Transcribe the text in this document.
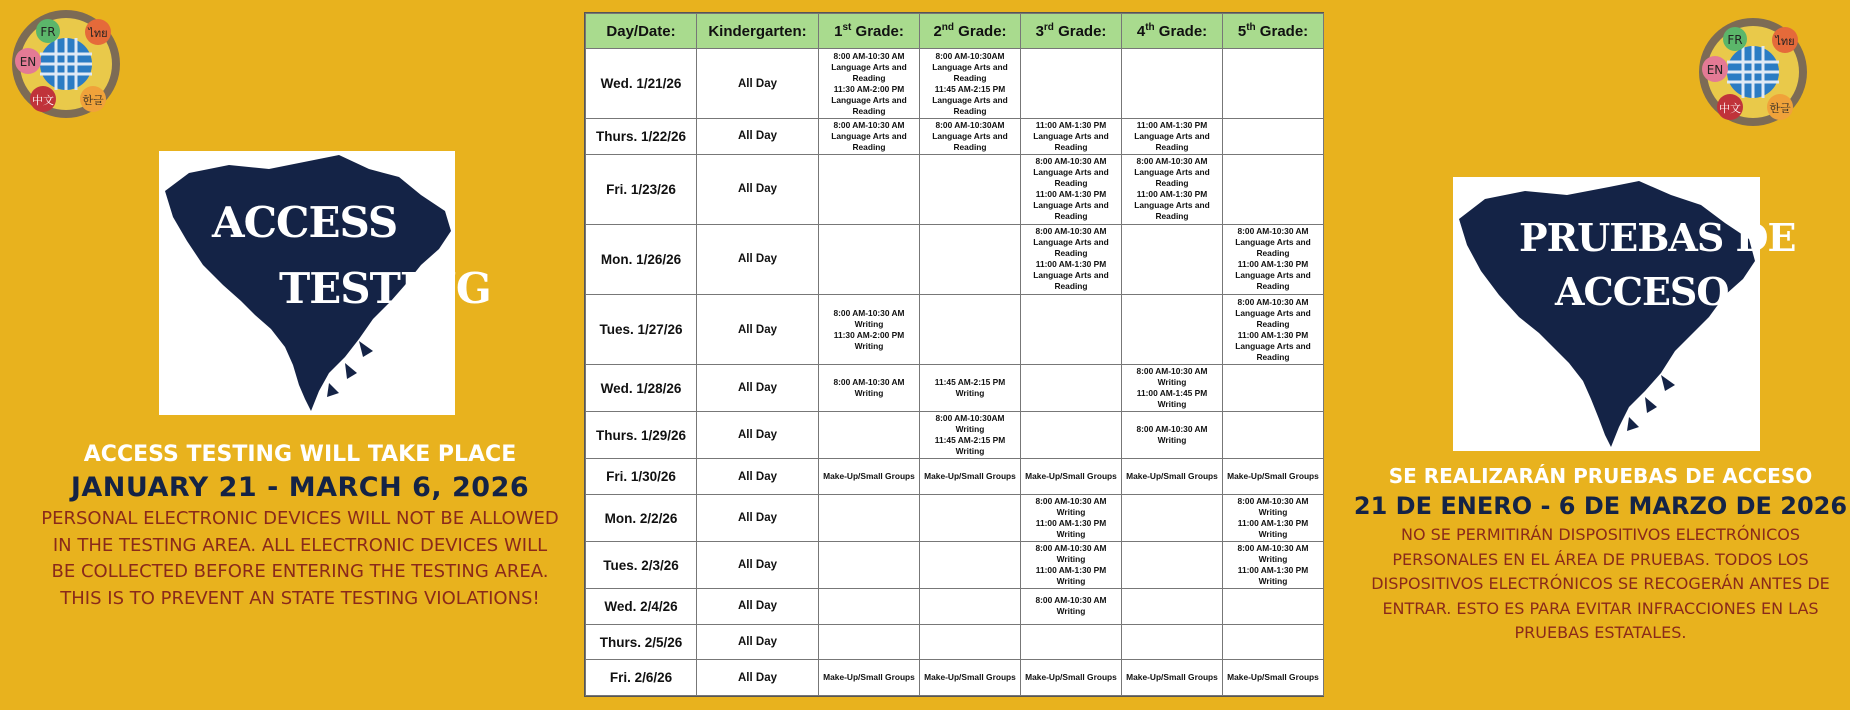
FR	ไทย
EN
中文	한글
FR	ไทย
EN
中文	한글
ACCESS
TESTING
PRUEBAS DE
ACCESO
ACCESS TESTING WILL TAKE PLACE
JANUARY 21 - MARCH 6, 2026
PERSONAL ELECTRONIC DEVICES WILL NOT BE ALLOWED IN THE TESTING AREA. ALL ELECTRONIC DEVICES WILL BE COLLECTED BEFORE ENTERING THE TESTING AREA. THIS IS TO PREVENT AN STATE TESTING VIOLATIONS!
SE REALIZARÁN PRUEBAS DE ACCESO
21 DE ENERO - 6 DE MARZO DE 2026
NO SE PERMITIRÁN DISPOSITIVOS ELECTRÓNICOS PERSONALES EN EL ÁREA DE PRUEBAS. TODOS LOS DISPOSITIVOS ELECTRÓNICOS SE RECOGERÁN ANTES DE ENTRAR. ESTO ES PARA EVITAR INFRACCIONES EN LAS PRUEBAS ESTATALES.
Day/Date:	Kindergarten:	1st Grade:	2nd Grade:	3rd Grade:	4th Grade:	5th Grade:
Wed. 1/21/26	All Day	8:00 AM-10:30 AM
Language Arts and Reading
11:30 AM-2:00 PM
Language Arts and Reading	8:00 AM-10:30AM
Language Arts and Reading
11:45 AM-2:15 PM
Language Arts and Reading			

Thurs. 1/22/26	All Day	8:00 AM-10:30 AM
Language Arts and Reading	8:00 AM-10:30AM
Language Arts and Reading	11:00 AM-1:30 PM
Language Arts and Reading	11:00 AM-1:30 PM
Language Arts and Reading	

Fri. 1/23/26	All Day			8:00 AM-10:30 AM
Language Arts and Reading
11:00 AM-1:30 PM
Language Arts and Reading	8:00 AM-10:30 AM
Language Arts and Reading
11:00 AM-1:30 PM
Language Arts and Reading	

Mon. 1/26/26	All Day			8:00 AM-10:30 AM
Language Arts and Reading
11:00 AM-1:30 PM
Language Arts and Reading		8:00 AM-10:30 AM
Language Arts and Reading
11:00 AM-1:30 PM
Language Arts and Reading

Tues. 1/27/26	All Day	8:00 AM-10:30 AM
Writing
11:30 AM-2:00 PM
Writing				8:00 AM-10:30 AM
Language Arts and Reading
11:00 AM-1:30 PM
Language Arts and Reading

Wed. 1/28/26	All Day	8:00 AM-10:30 AM
Writing	11:45 AM-2:15 PM
Writing		8:00 AM-10:30 AM
Writing
11:00 AM-1:45 PM
Writing	

Thurs. 1/29/26	All Day		8:00 AM-10:30AM
Writing
11:45 AM-2:15 PM
Writing		8:00 AM-10:30 AM
Writing	

Fri. 1/30/26	All Day	Make-Up/Small Groups	Make-Up/Small Groups	Make-Up/Small Groups	Make-Up/Small Groups	Make-Up/Small Groups

Mon. 2/2/26	All Day			8:00 AM-10:30 AM
Writing
11:00 AM-1:30 PM
Writing		8:00 AM-10:30 AM
Writing
11:00 AM-1:30 PM
Writing

Tues. 2/3/26	All Day			8:00 AM-10:30 AM
Writing
11:00 AM-1:30 PM
Writing		8:00 AM-10:30 AM
Writing
11:00 AM-1:30 PM
Writing

Wed. 2/4/26	All Day			8:00 AM-10:30 AM
Writing		

Thurs. 2/5/26	All Day					
Fri. 2/6/26	All Day	Make-Up/Small Groups	Make-Up/Small Groups	Make-Up/Small Groups	Make-Up/Small Groups	Make-Up/Small Groups
